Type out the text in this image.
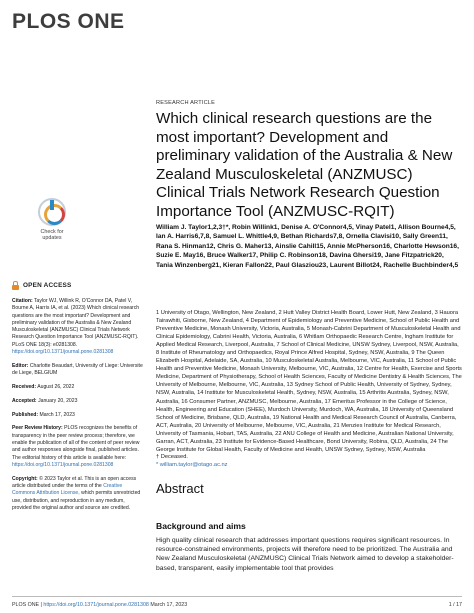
PLOS ONE
Check for
updates
OPEN ACCESS

Citation: Taylor WJ, Willink R, O'Connor DA, Patel V, Bourne A, Harris IA, et al. (2023) Which clinical research questions are the most important? Development and preliminary validation of the Australia & New Zealand Musculoskeletal (ANZMUSC) Clinical Trials Network Research Question Importance Tool (ANZMUSC-RQIT). PLoS ONE 18(3): e0281308. https://doi.org/10.1371/journal.pone.0281308

Editor: Charlotte Beaudart, University of Liege: Universite de Liege, BELGIUM

Received: August 26, 2022

Accepted: January 20, 2023

Published: March 17, 2023

Peer Review History: PLOS recognizes the benefits of transparency in the peer review process; therefore, we enable the publication of all of the content of peer review and author responses alongside final, published articles. The editorial history of this article is available here: https://doi.org/10.1371/journal.pone.0281308

Copyright: © 2023 Taylor et al. This is an open access article distributed under the terms of the Creative Commons Attribution License, which permits unrestricted use, distribution, and reproduction in any medium, provided the original author and source are credited.

RESEARCH ARTICLE
Which clinical research questions are the most important? Development and preliminary validation of the Australia & New Zealand Musculoskeletal (ANZMUSC) Clinical Trials Network Research Question Importance Tool (ANZMUSC-RQIT)
William J. Taylor1,2,3†*, Robin Willink1, Denise A. O'Connor4,5, Vinay Patel1, Allison Bourne4,5, Ian A. Harris6,7,8, Samuel L. Whittle4,9, Bethan Richards7,8, Ornella Clavisi10, Sally Green11, Rana S. Hinman12, Chris G. Maher13, Ainslie Cahill15, Annie McPherson16, Charlotte Hewson16, Suzie E. May16, Bruce Walker17, Philip C. Robinson18, Davina Ghersi19, Jane Fitzpatrick20, Tania Winzenberg21, Kieran Fallon22, Paul Glasziou23, Laurent Billot24, Rachelle Buchbinder4,5
1 University of Otago, Wellington, New Zealand, 2 Hutt Valley District Health Board, Lower Hutt, New Zealand, 3 Hauora Tairawhiti, Gisborne, New Zealand, 4 Department of Epidemiology and Preventive Medicine, School of Public Health and Preventive Medicine, Monash University, Victoria, Australia, 5 Monash-Cabrini Department of Musculoskeletal Health and Clinical Epidemiology, Cabrini Health, Victoria, Australia, 6 Whitlam Orthopaedic Research Centre, Ingham Institute for Applied Medical Research, Liverpool, Australia, 7 School of Clinical Medicine, UNSW Sydney, Liverpool, NSW, Australia, 8 Institute of Rheumatology and Orthopaedics, Royal Prince Alfred Hospital, Sydney, NSW, Australia, 9 The Queen Elizabeth Hospital, Adelaide, SA, Australia, 10 Musculoskeletal Australia, Melbourne, VIC, Australia, 11 School of Public Health and Preventive Medicine, Monash University, Melbourne, VIC, Australia, 12 Centre for Health, Exercise and Sports Medicine, Department of Physiotherapy, School of Health Sciences, Faculty of Medicine Dentistry & Health Sciences, The University of Melbourne, Melbourne, VIC, Australia, 13 Sydney School of Public Health, University of Sydney, Sydney, NSW, Australia, 14 Institute for Musculoskeletal Health, Sydney, NSW, Australia, 15 Arthritis Australia, Sydney, NSW, Australia, 16 Consumer Partner, ANZMUSC, Melbourne, Australia, 17 Emeritus Professor in the College of Science, Health, Engineering and Education (SHEE), Murdoch University, Murdoch, WA, Australia, 18 University of Queensland School of Medicine, Brisbane, QLD, Australia, 19 National Health and Medical Research Council of Australia, Canberra, ACT, Australia, 20 University of Melbourne, Melbourne, VIC, Australia, 21 Menzies Institute for Medical Research, University of Tasmania, Hobart, TAS, Australia, 22 ANU College of Health and Medicine, Australian National University, Garran, ACT, Australia, 23 Institute for Evidence-Based Healthcare, Bond University, Robina, QLD, Australia, 24 The George Institute for Global Health, Faculty of Medicine and Health, UNSW Sydney, Sydney, NSW, Australia
† Deceased.
* william.taylor@otago.ac.nz
Abstract
Background and aims
High quality clinical research that addresses important questions requires significant resources. In resource-constrained environments, projects will therefore need to be prioritized. The Australia and New Zealand Musculoskeletal (ANZMUSC) Clinical Trials Network aimed to develop a stakeholder-based, transparent, easily implementable tool that provides
PLOS ONE | https://doi.org/10.1371/journal.pone.0281308 March 17, 2023	1 / 17
